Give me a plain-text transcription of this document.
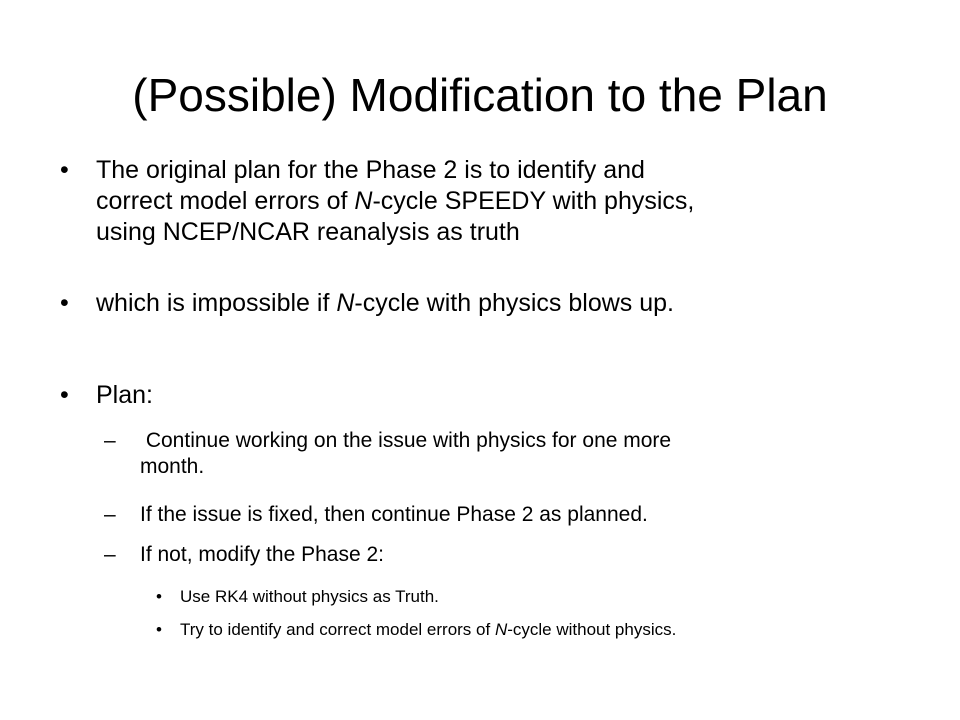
(Possible) Modification to the Plan
• The original plan for the Phase 2 is to identify and
correct model errors of N-cycle SPEEDY with physics,
using NCEP/NCAR reanalysis as truth
• which is impossible if N-cycle with physics blows up.
• Plan:
– Continue working on the issue with physics for one more
month.
– If the issue is fixed, then continue Phase 2 as planned.
– If not, modify the Phase 2:
• Use RK4 without physics as Truth.
• Try to identify and correct model errors of N-cycle without physics.
